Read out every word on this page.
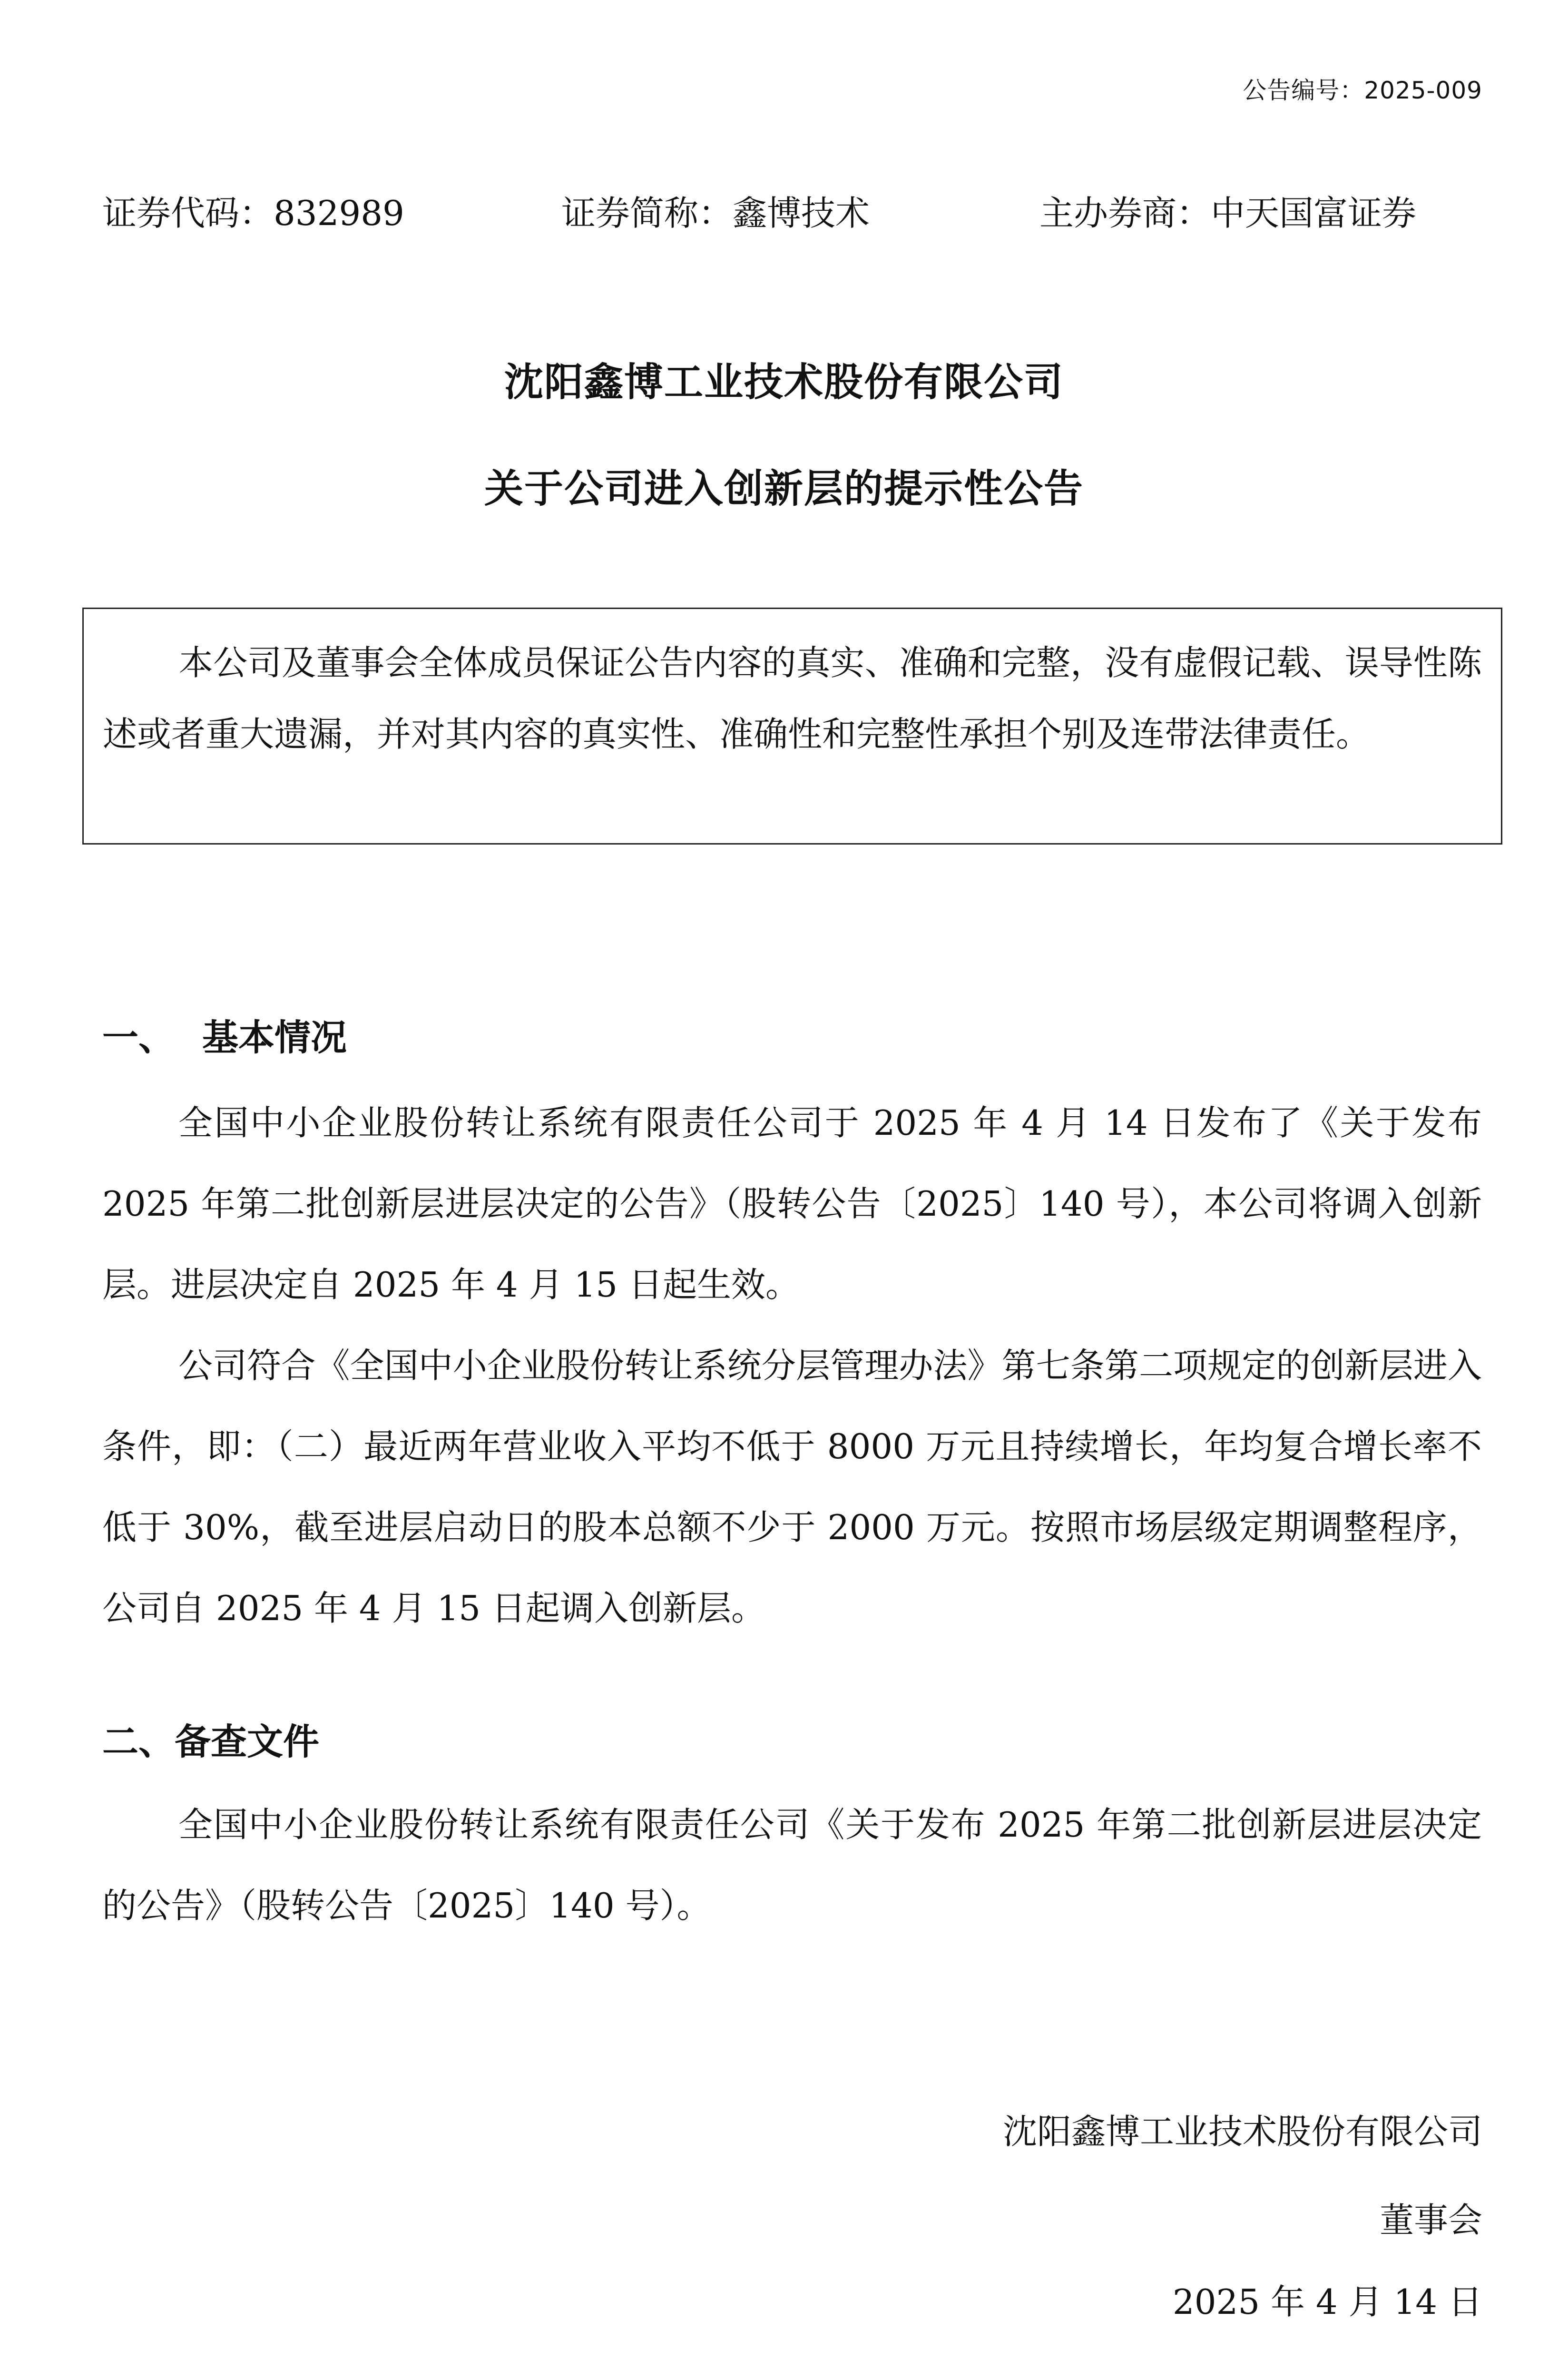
公告编号：2025-009
证券代码：832989	证券简称：鑫博技术	主办券商：中天国富证券
沈阳鑫博工业技术股份有限公司
关于公司进入创新层的提示性公告

本公司及董事会全体成员保证公告内容的真实、准确和完整，没有虚假记载、误导性陈述或者重大遗漏，并对其内容的真实性、准确性和完整性承担个别及连带法律责任。

一、 基本情况

全国中小企业股份转让系统有限责任公司于 2025 年 4 月 14 日发布了《关于发布 2025 年第二批创新层进层决定的公告》（股转公告〔2025〕140 号），本公司将调入创新层。进层决定自 2025 年 4 月 15 日起生效。

公司符合《全国中小企业股份转让系统分层管理办法》第七条第二项规定的创新层进入条件，即：（二）最近两年营业收入平均不低于 8000 万元且持续增长，年均复合增长率不低于 30%，截至进层启动日的股本总额不少于 2000 万元。按照市场层级定期调整程序，公司自 2025 年 4 月 15 日起调入创新层。

二、备查文件

全国中小企业股份转让系统有限责任公司《关于发布 2025 年第二批创新层进层决定的公告》（股转公告〔2025〕140 号）。

沈阳鑫博工业技术股份有限公司
董事会
2025 年 4 月 14 日
